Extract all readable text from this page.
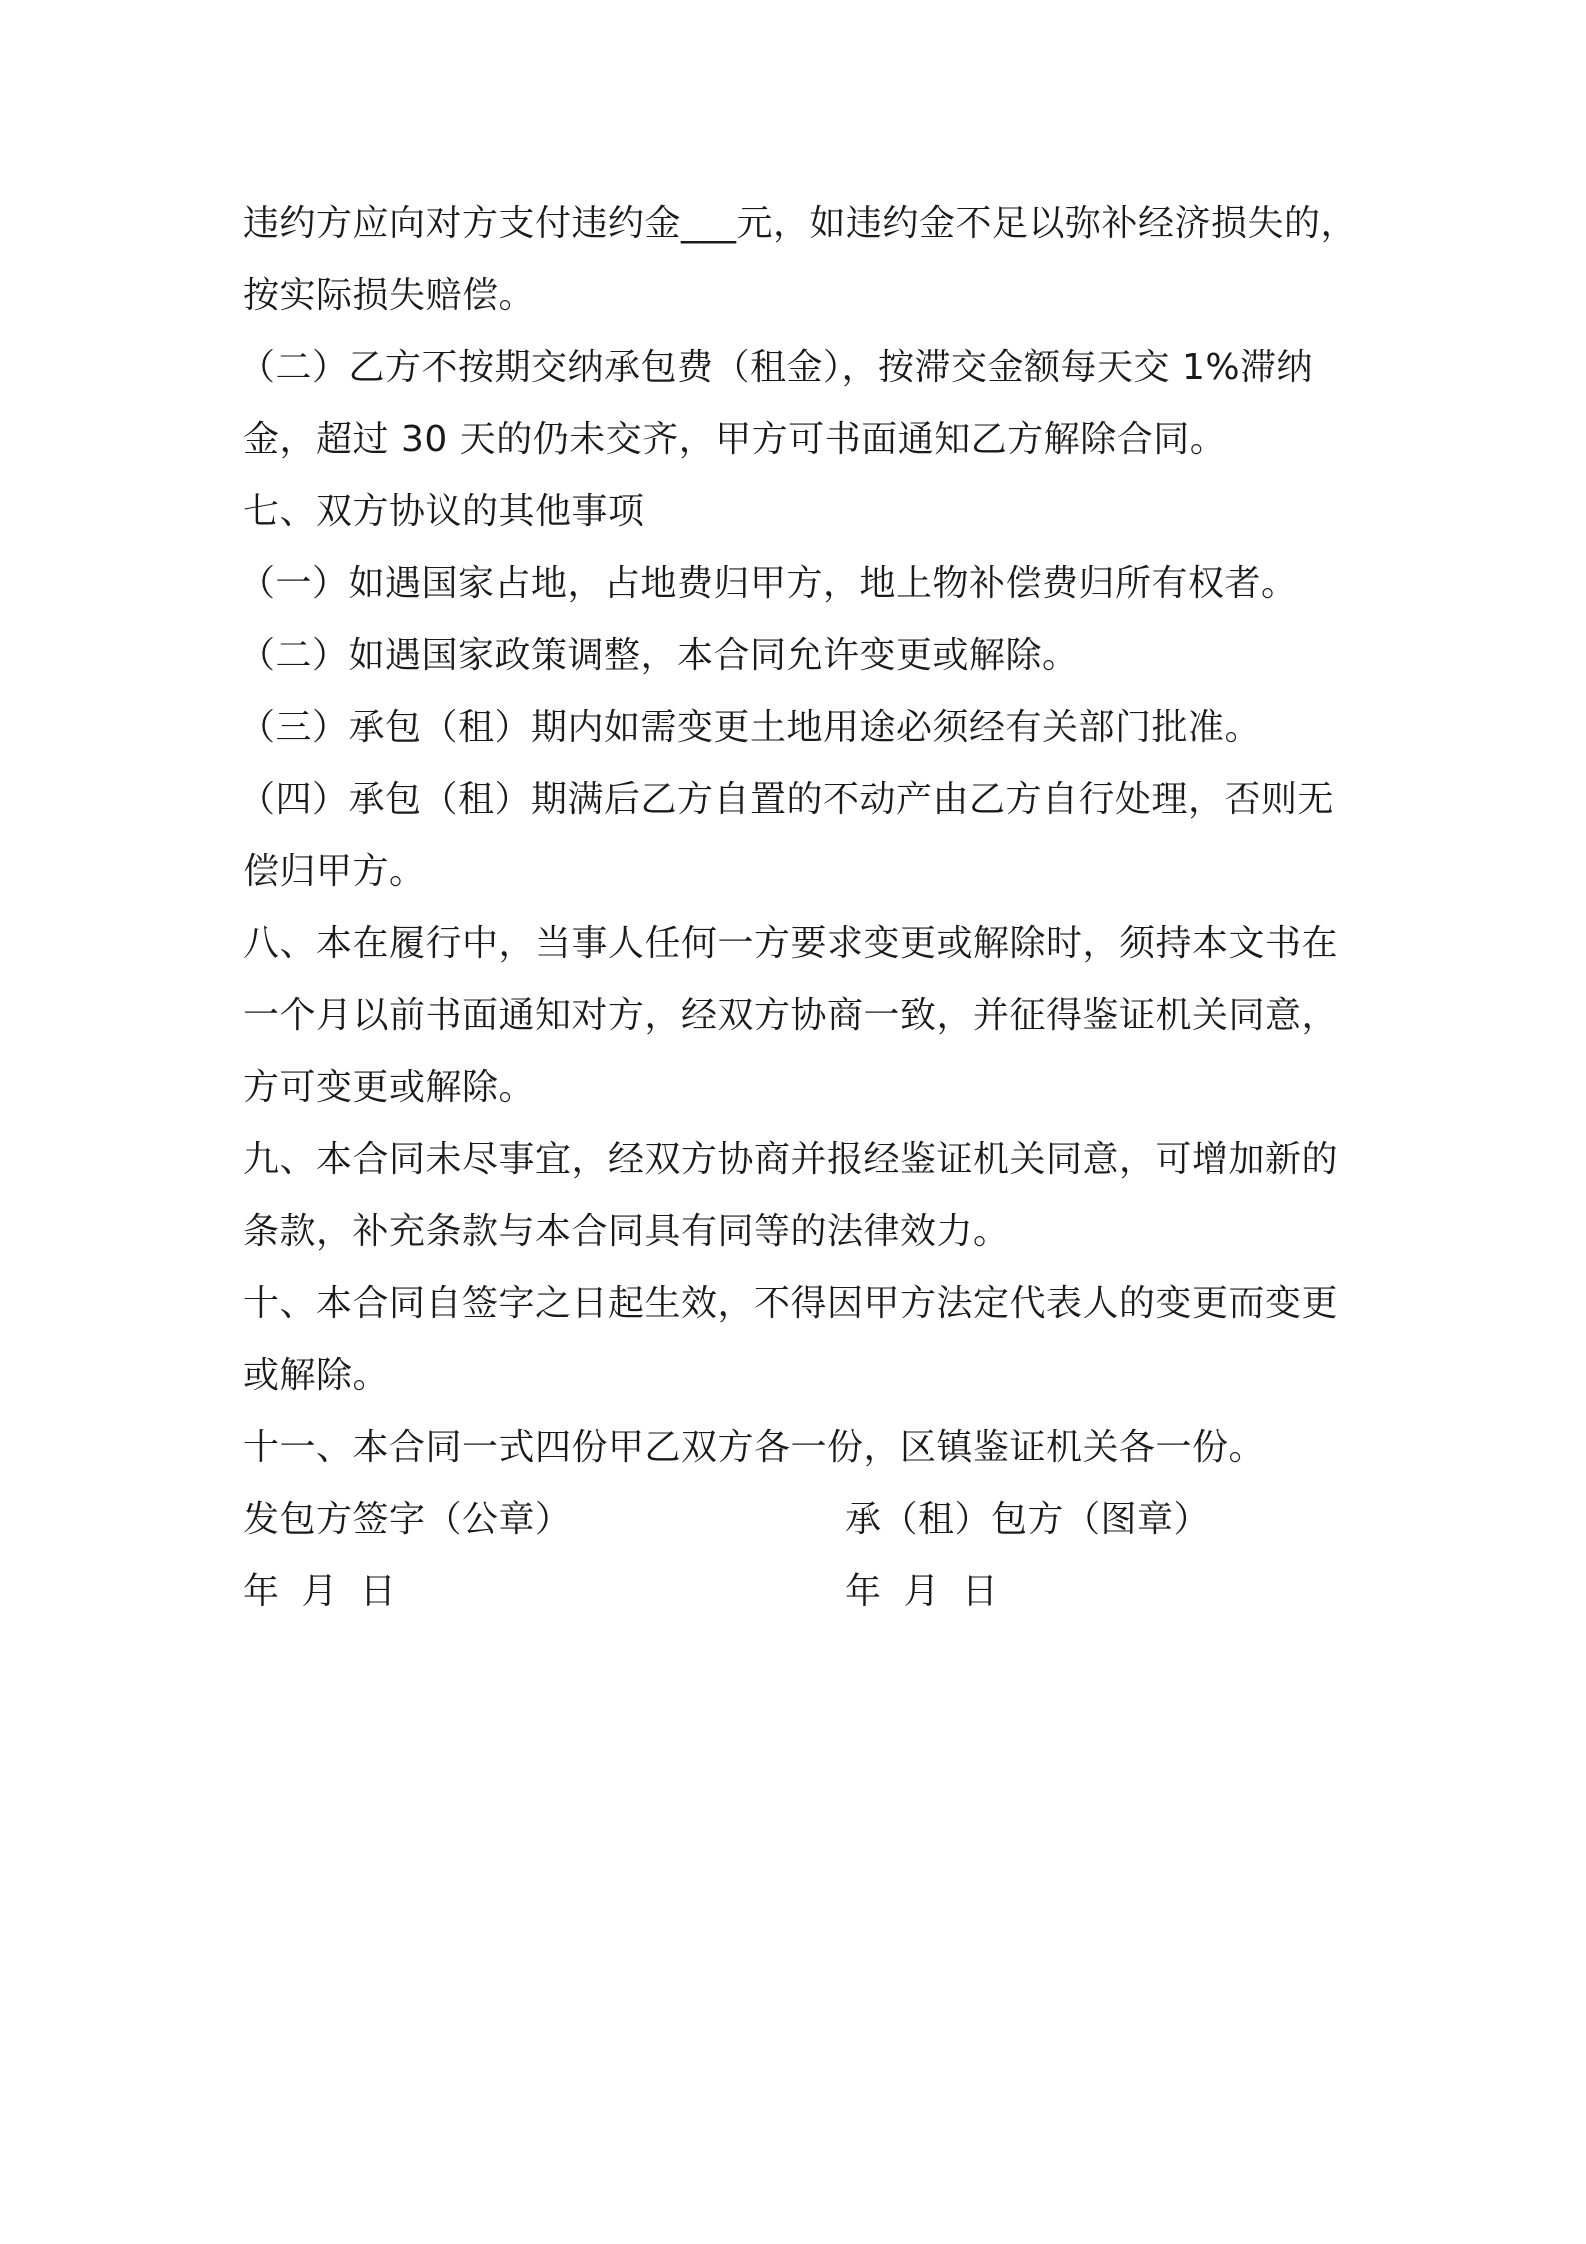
违约方应向对方支付违约金___元，如违约金不足以弥补经济损失的，按实际损失赔偿。

（二）乙方不按期交纳承包费（租金），按滞交金额每天交 1%滞纳金，超过 30 天的仍未交齐，甲方可书面通知乙方解除合同。

七、双方协议的其他事项

（一）如遇国家占地，占地费归甲方，地上物补偿费归所有权者。

（二）如遇国家政策调整，本合同允许变更或解除。

（三）承包（租）期内如需变更土地用途必须经有关部门批准。

（四）承包（租）期满后乙方自置的不动产由乙方自行处理，否则无偿归甲方。

八、本在履行中，当事人任何一方要求变更或解除时，须持本文书在一个月以前书面通知对方，经双方协商一致，并征得鉴证机关同意，方可变更或解除。

九、本合同未尽事宜，经双方协商并报经鉴证机关同意，可增加新的条款，补充条款与本合同具有同等的法律效力。

十、本合同自签字之日起生效，不得因甲方法定代表人的变更而变更或解除。

十一、本合同一式四份甲乙双方各一份，区镇鉴证机关各一份。

发包方签字（公章）	承（租）包方（图章）
年 月 日	年 月 日
